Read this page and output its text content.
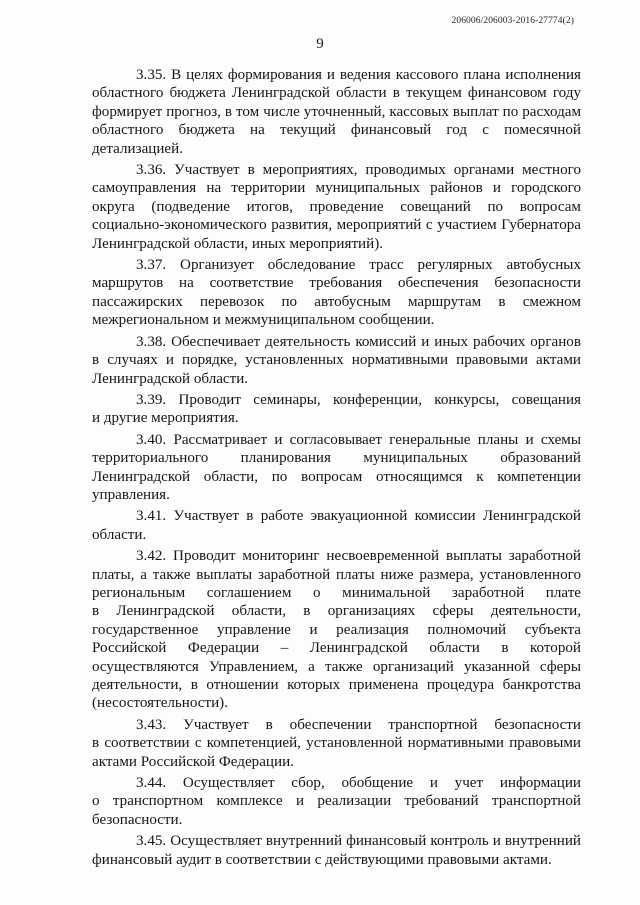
206006/206003-2016-27774(2)
9
3.35. В целях формирования и ведения кассового плана исполнения
областного бюджета Ленинградской области в текущем финансовом году
формирует прогноз, в том числе уточненный, кассовых выплат по расходам
областного бюджета на текущий финансовый год с помесячной
детализацией.
3.36. Участвует в мероприятиях, проводимых органами местного
самоуправления на территории муниципальных районов и городского
округа (подведение итогов, проведение совещаний по вопросам
социально-экономического развития, мероприятий с участием Губернатора
Ленинградской области, иных мероприятий).
3.37. Организует обследование трасс регулярных автобусных
маршрутов на соответствие требования обеспечения безопасности
пассажирских перевозок по автобусным маршрутам в смежном
межрегиональном и межмуниципальном сообщении.
3.38. Обеспечивает деятельность комиссий и иных рабочих органов
в случаях и порядке, установленных нормативными правовыми актами
Ленинградской области.
3.39. Проводит семинары, конференции, конкурсы, совещания
и другие мероприятия.
3.40. Рассматривает и согласовывает генеральные планы и схемы
территориального планирования муниципальных образований
Ленинградской области, по вопросам относящимся к компетенции
управления.
3.41. Участвует в работе эвакуационной комиссии Ленинградской
области.
3.42. Проводит мониторинг несвоевременной выплаты заработной
платы, а также выплаты заработной платы ниже размера, установленного
региональным соглашением о минимальной заработной плате
в Ленинградской области, в организациях сферы деятельности,
государственное управление и реализация полномочий субъекта
Российской Федерации – Ленинградской области в которой
осуществляются Управлением, а также организаций указанной сферы
деятельности, в отношении которых применена процедура банкротства
(несостоятельности).
3.43. Участвует в обеспечении транспортной безопасности
в соответствии с компетенцией, установленной нормативными правовыми
актами Российской Федерации.
3.44. Осуществляет сбор, обобщение и учет информации
о транспортном комплексе и реализации требований транспортной
безопасности.
3.45. Осуществляет внутренний финансовый контроль и внутренний
финансовый аудит в соответствии с действующими правовыми актами.
